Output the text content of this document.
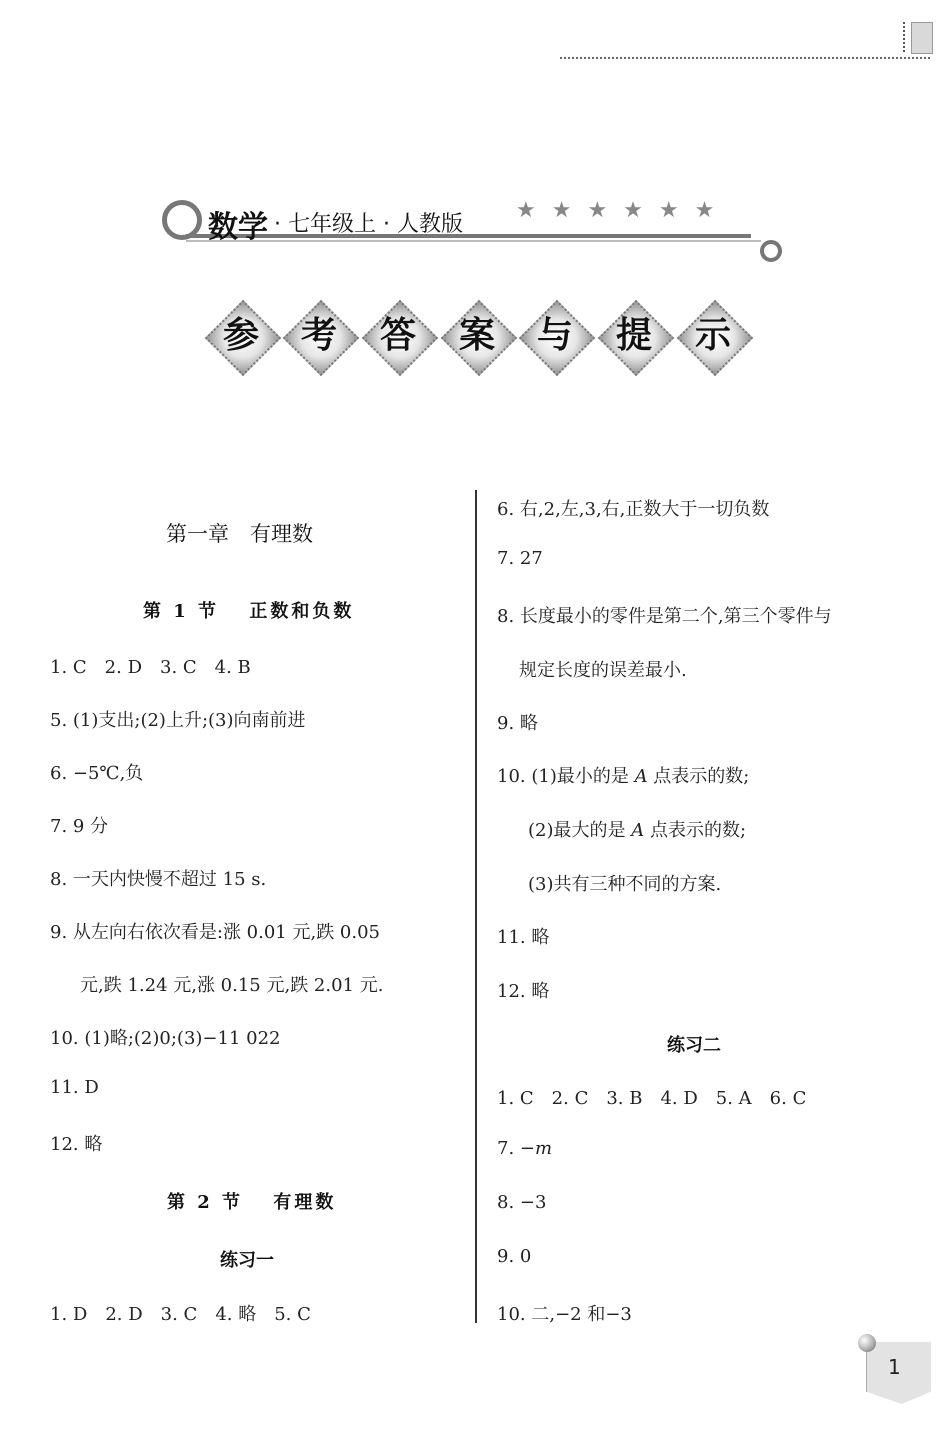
数学 · 七年级上 · 人教版
★★★★★★
参	考	答	案	与	提	示
第一章　有理数
第 1 节　 正数和负数
1. C　2. D　3. C　4. B
5. (1)支出;(2)上升;(3)向南前进
6. −5℃,负
7. 9 分
8. 一天内快慢不超过 15 s.
9. 从左向右依次看是:涨 0.01 元,跌 0.05
元,跌 1.24 元,涨 0.15 元,跌 2.01 元.
10. (1)略;(2)0;(3)−11 022
11. D
12. 略
第 2 节　 有理数
练习一
1. D　2. D　3. C　4. 略　5. C
6. 右,2,左,3,右,正数大于一切负数
7. 27
8. 长度最小的零件是第二个,第三个零件与
规定长度的误差最小.
9. 略
10. (1)最小的是 A 点表示的数;
(2)最大的是 A 点表示的数;
(3)共有三种不同的方案.
11. 略
12. 略
练习二
1. C　2. C　3. B　4. D　5. A　6. C
7. −m
8. −3
9. 0
10. 二,−2 和−3
1
